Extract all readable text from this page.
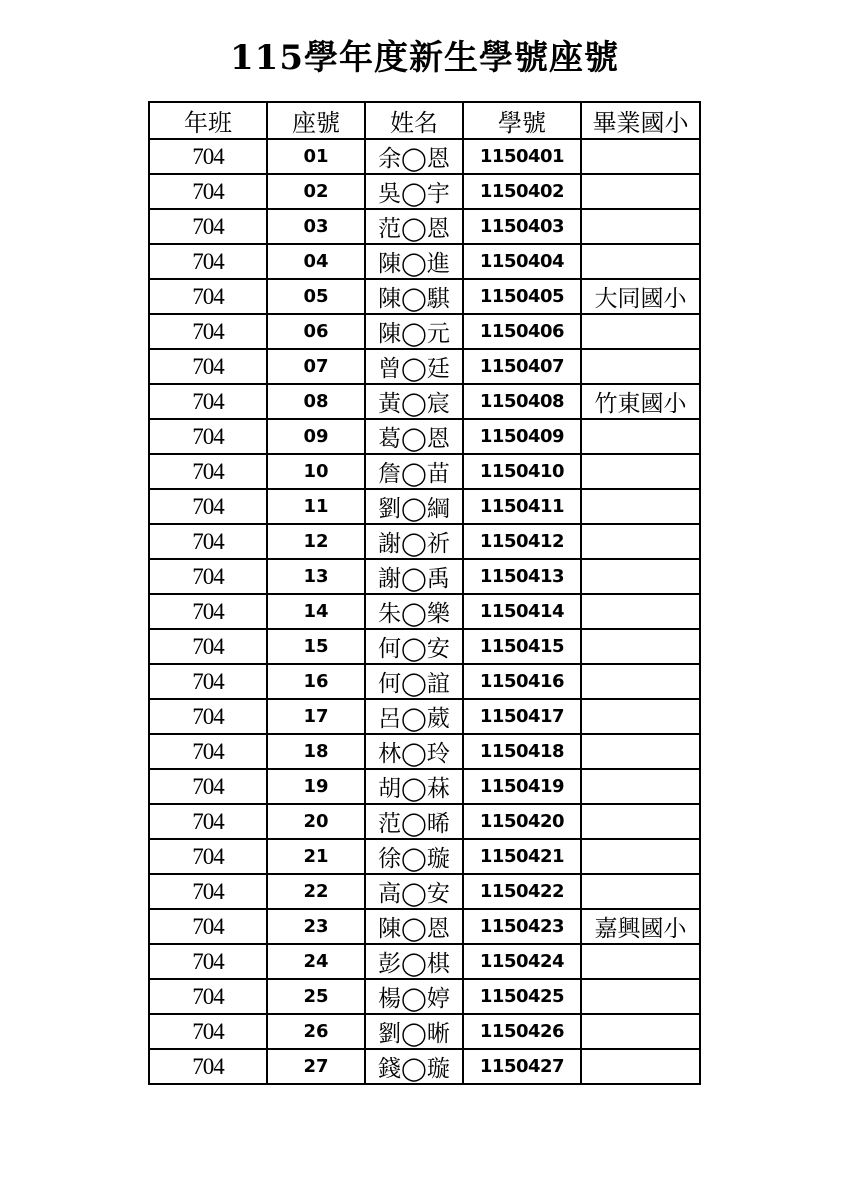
115學年度新生學號座號
年班	座號	姓名	學號	畢業國小
704	01	余◯恩	1150401	
704	02	吳◯宇	1150402	
704	03	范◯恩	1150403	
704	04	陳◯進	1150404	
704	05	陳◯騏	1150405	大同國小
704	06	陳◯元	1150406	
704	07	曾◯廷	1150407	
704	08	黃◯宸	1150408	竹東國小
704	09	葛◯恩	1150409	
704	10	詹◯苗	1150410	
704	11	劉◯綱	1150411	
704	12	謝◯祈	1150412	
704	13	謝◯禹	1150413	
704	14	朱◯樂	1150414	
704	15	何◯安	1150415	
704	16	何◯誼	1150416	
704	17	呂◯葳	1150417	
704	18	林◯玲	1150418	
704	19	胡◯菻	1150419	
704	20	范◯晞	1150420	
704	21	徐◯璇	1150421	
704	22	高◯安	1150422	
704	23	陳◯恩	1150423	嘉興國小
704	24	彭◯棋	1150424	
704	25	楊◯婷	1150425	
704	26	劉◯晰	1150426	
704	27	錢◯璇	1150427	
